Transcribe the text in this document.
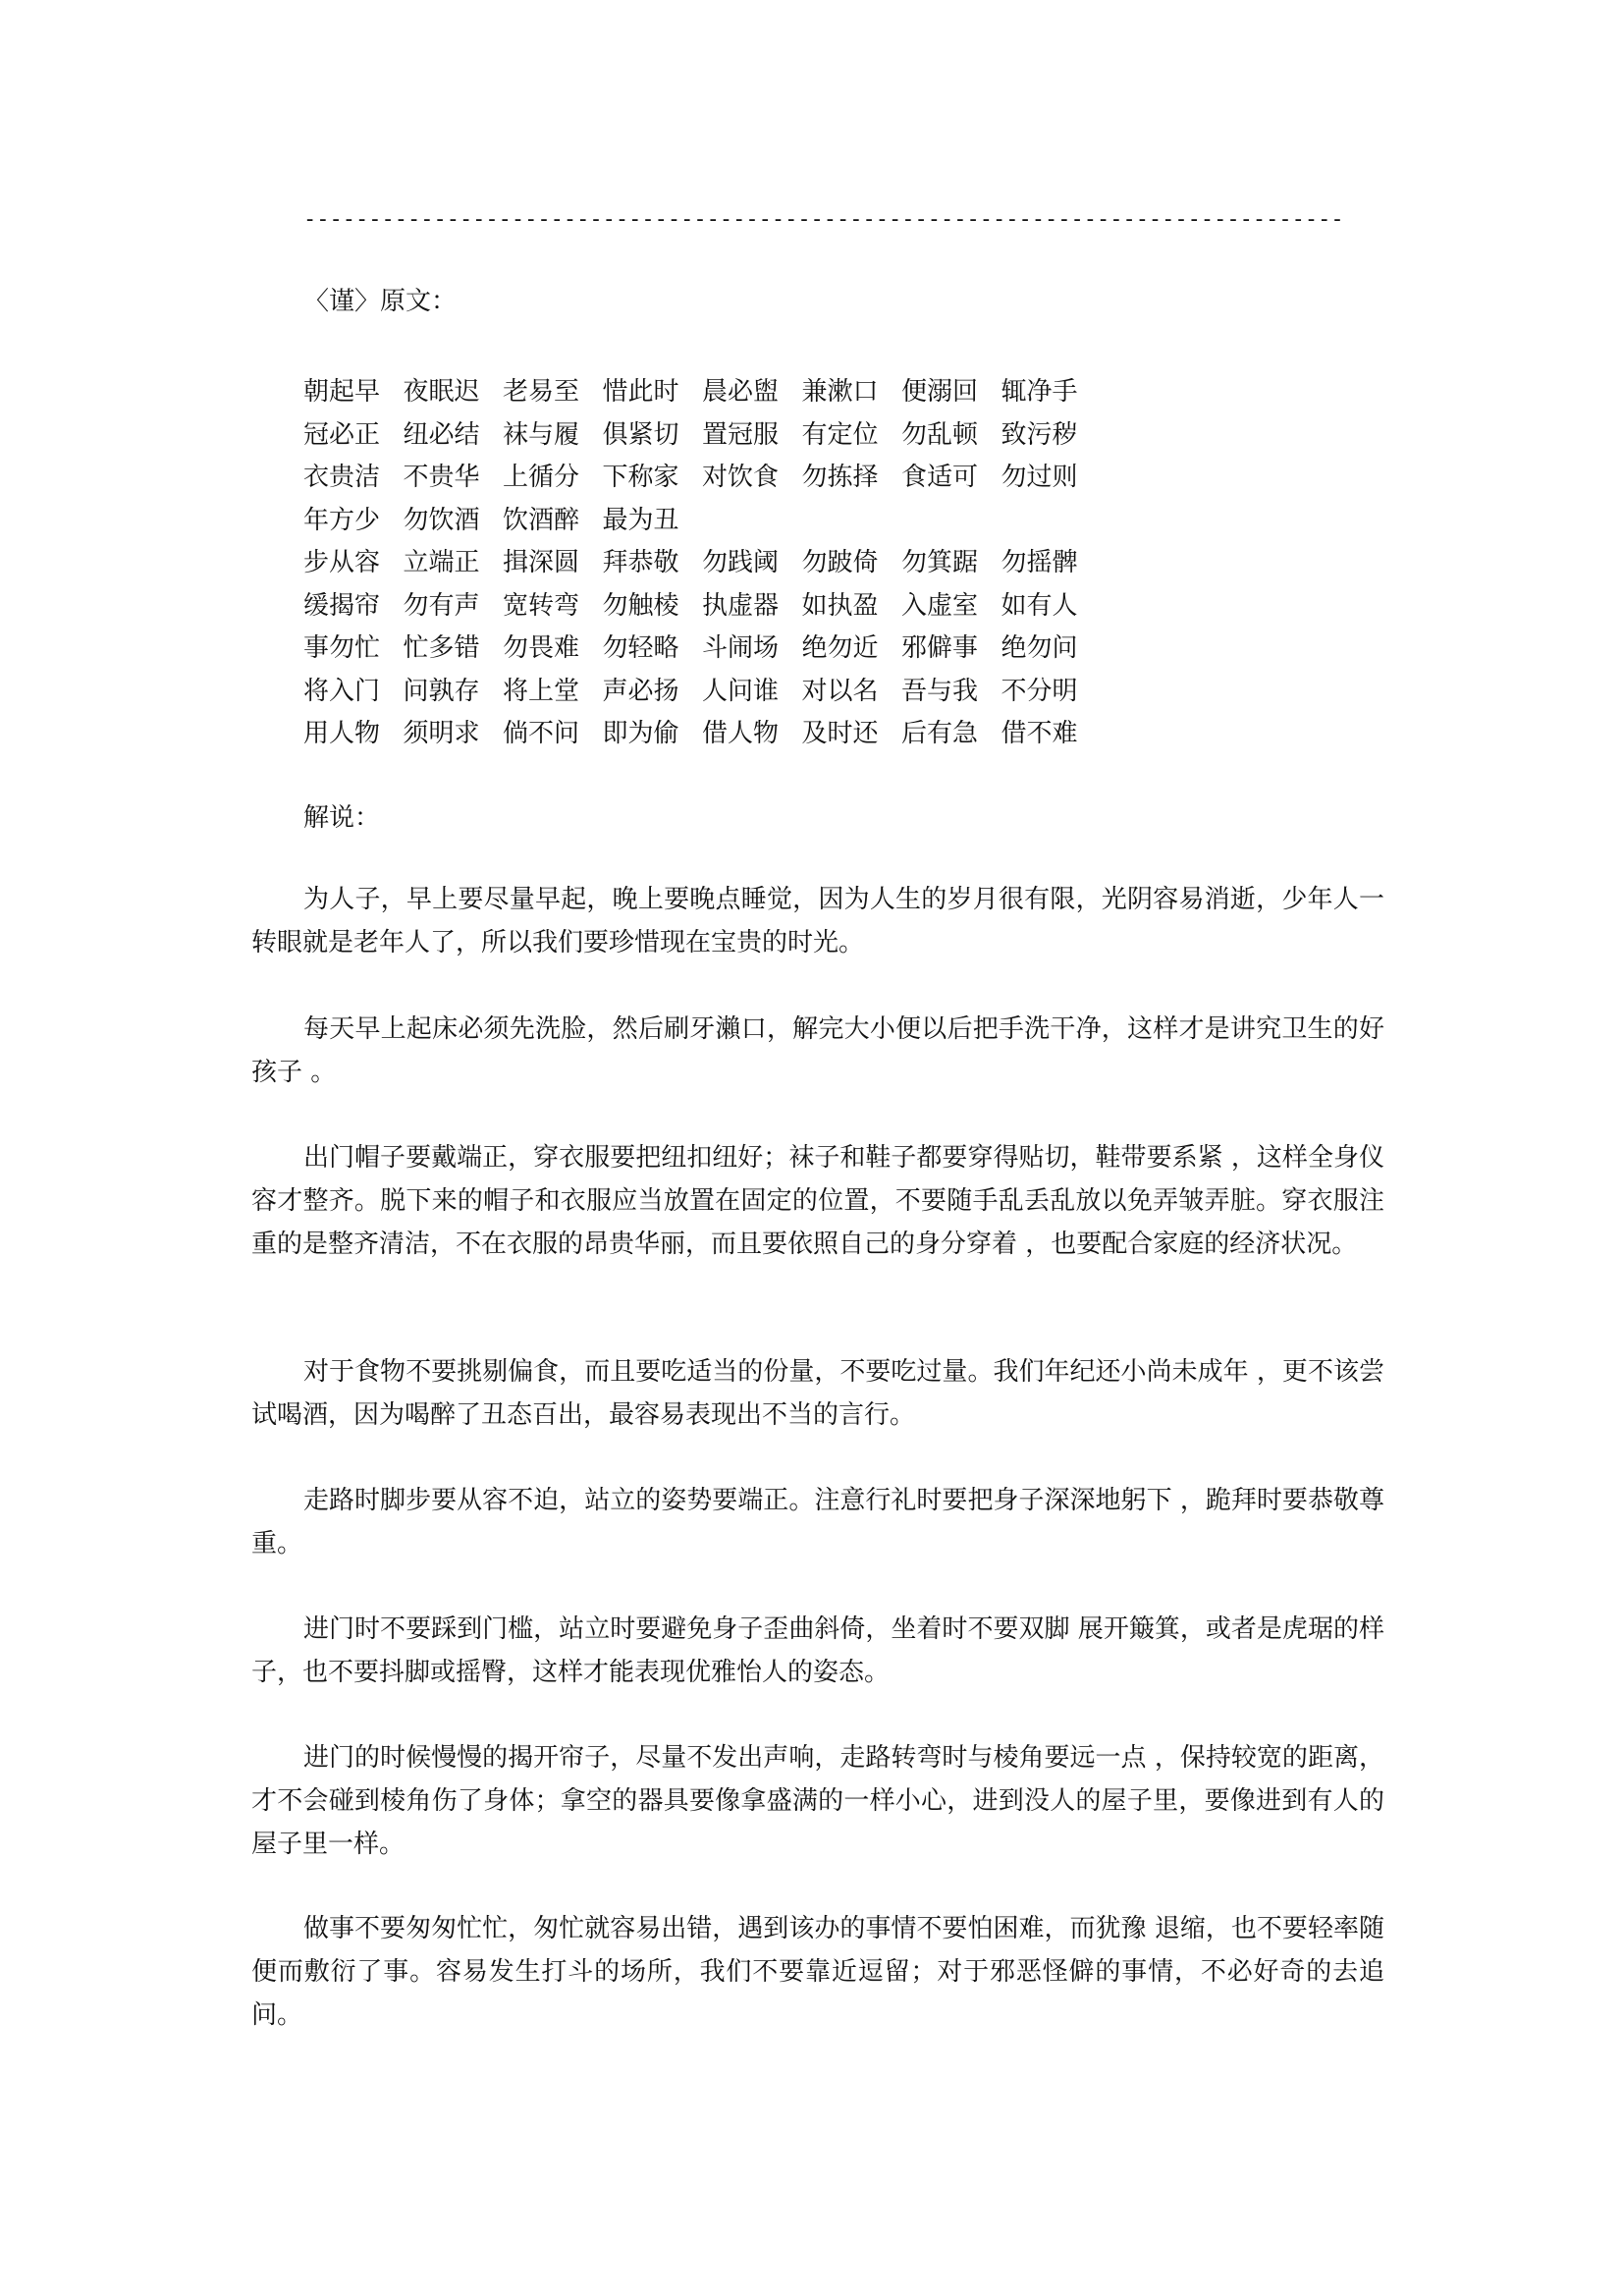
--------------------------------------------------------------------------------
〈谨〉原文：
朝起早 夜眠迟 老易至 惜此时 晨必盥 兼漱口 便溺回 辄净手
冠必正 纽必结 袜与履 俱紧切 置冠服 有定位 勿乱顿 致污秽
衣贵洁 不贵华 上循分 下称家 对饮食 勿拣择 食适可 勿过则
年方少 勿饮酒 饮酒醉 最为丑
步从容 立端正 揖深圆 拜恭敬 勿践阈 勿跛倚 勿箕踞 勿摇髀
缓揭帘 勿有声 宽转弯 勿触棱 执虚器 如执盈 入虚室 如有人
事勿忙 忙多错 勿畏难 勿轻略 斗闹场 绝勿近 邪僻事 绝勿问
将入门 问孰存 将上堂 声必扬 人问谁 对以名 吾与我 不分明
用人物 须明求 倘不问 即为偷 借人物 及时还 后有急 借不难
解说：

为人子，早上要尽量早起，晚上要晚点睡觉，因为人生的岁月很有限，光阴容易消逝，少年人一转眼就是老年人了，所以我们要珍惜现在宝贵的时光。

每天早上起床必须先洗脸，然后刷牙瀨口，解完大小便以后把手洗干净，这样才是讲究卫生的好孩子 。

出门帽子要戴端正，穿衣服要把纽扣纽好；袜子和鞋子都要穿得贴切，鞋带要系紧 ，这样全身仪容才整齐。脱下来的帽子和衣服应当放置在固定的位置，不要随手乱丢乱放以免弄皱弄脏。穿衣服注重的是整齐清洁，不在衣服的昂贵华丽，而且要依照自己的身分穿着 ，也要配合家庭的经济状况。

对于食物不要挑剔偏食，而且要吃适当的份量，不要吃过量。我们年纪还小尚未成年 ，更不该尝试喝酒，因为喝醉了丑态百出，最容易表现出不当的言行。

走路时脚步要从容不迫，站立的姿势要端正。注意行礼时要把身子深深地躬下 ，跪拜时要恭敬尊重。

进门时不要踩到门槛，站立时要避免身子歪曲斜倚，坐着时不要双脚 展开簸箕，或者是虎琚的样子，也不要抖脚或摇臀，这样才能表现优雅怡人的姿态。

进门的时候慢慢的揭开帘子，尽量不发出声响，走路转弯时与棱角要远一点 ，保持较宽的距离，才不会碰到棱角伤了身体；拿空的器具要像拿盛满的一样小心，进到没人的屋子里，要像进到有人的屋子里一样。

做事不要匆匆忙忙，匆忙就容易出错，遇到该办的事情不要怕困难，而犹豫 退缩，也不要轻率随便而敷衍了事。容易发生打斗的场所，我们不要靠近逗留；对于邪恶怪僻的事情，不必好奇的去追问。
